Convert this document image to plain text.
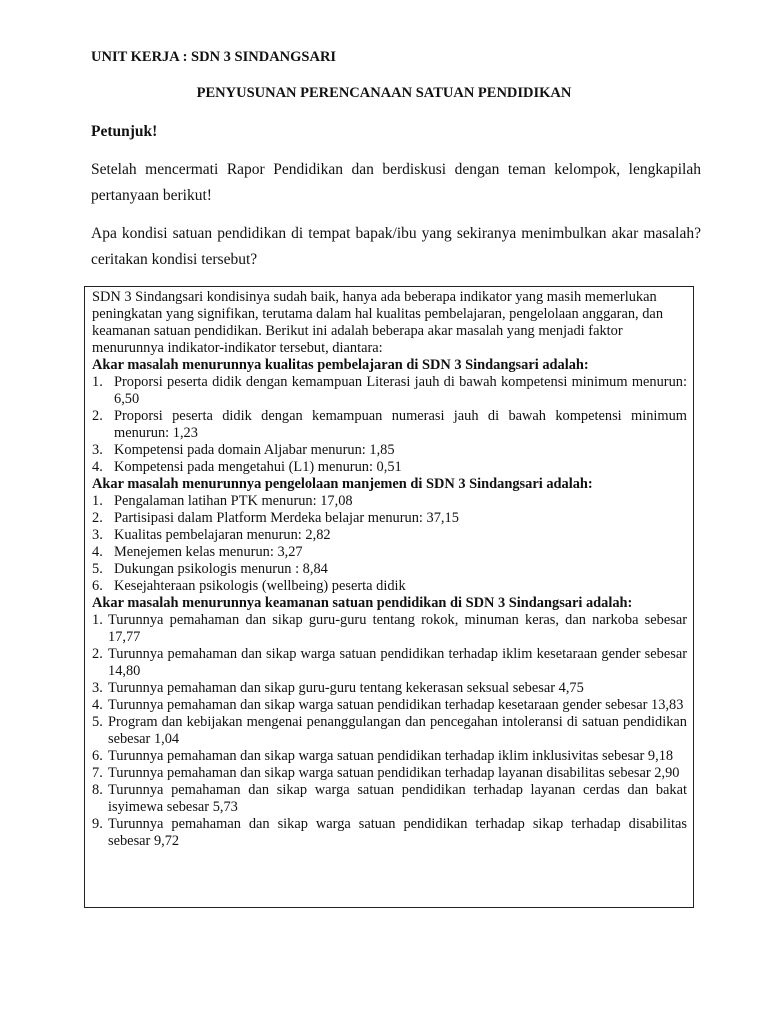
UNIT KERJA : SDN 3 SINDANGSARI
PENYUSUNAN PERENCANAAN SATUAN PENDIDIKAN
Petunjuk!
Setelah mencermati Rapor Pendidikan dan berdiskusi dengan teman kelompok, lengkapilah pertanyaan berikut!
Apa kondisi satuan pendidikan di tempat bapak/ibu yang sekiranya menimbulkan akar masalah? ceritakan kondisi tersebut?

SDN 3 Sindangsari kondisinya sudah baik, hanya ada beberapa indikator yang masih memerlukan peningkatan yang signifikan, terutama dalam hal kualitas pembelajaran, pengelolaan anggaran, dan keamanan satuan pendidikan. Berikut ini adalah beberapa akar masalah yang menjadi faktor menurunnya indikator-indikator tersebut, diantara:

Akar masalah menurunnya kualitas pembelajaran di SDN 3 Sindangsari adalah:

1. Proporsi peserta didik dengan kemampuan Literasi jauh di bawah kompetensi minimum menurun: 6,50
2. Proporsi peserta didik dengan kemampuan numerasi jauh di bawah kompetensi minimum menurun: 1,23
3. Kompetensi pada domain Aljabar menurun: 1,85
4. Kompetensi pada mengetahui (L1) menurun: 0,51

Akar masalah menurunnya pengelolaan manjemen di SDN 3 Sindangsari adalah:

1. Pengalaman latihan PTK menurun: 17,08
2. Partisipasi dalam Platform Merdeka belajar menurun: 37,15
3. Kualitas pembelajaran menurun: 2,82
4. Menejemen kelas menurun: 3,27
5. Dukungan psikologis menurun : 8,84
6. Kesejahteraan psikologis (wellbeing) peserta didik

Akar masalah menurunnya keamanan satuan pendidikan di SDN 3 Sindangsari adalah:

1. Turunnya pemahaman dan sikap guru-guru tentang rokok, minuman keras, dan narkoba sebesar 17,77
2. Turunnya pemahaman dan sikap warga satuan pendidikan terhadap iklim kesetaraan gender sebesar 14,80
3. Turunnya pemahaman dan sikap guru-guru tentang kekerasan seksual sebesar 4,75
4. Turunnya pemahaman dan sikap warga satuan pendidikan terhadap kesetaraan gender sebesar 13,83
5. Program dan kebijakan mengenai penanggulangan dan pencegahan intoleransi di satuan pendidikan sebesar 1,04
6. Turunnya pemahaman dan sikap warga satuan pendidikan terhadap iklim inklusivitas sebesar 9,18
7. Turunnya pemahaman dan sikap warga satuan pendidikan terhadap layanan disabilitas sebesar 2,90
8. Turunnya pemahaman dan sikap warga satuan pendidikan terhadap layanan cerdas dan bakat isyimewa sebesar 5,73
9. Turunnya pemahaman dan sikap warga satuan pendidikan terhadap sikap terhadap disabilitas sebesar 9,72
